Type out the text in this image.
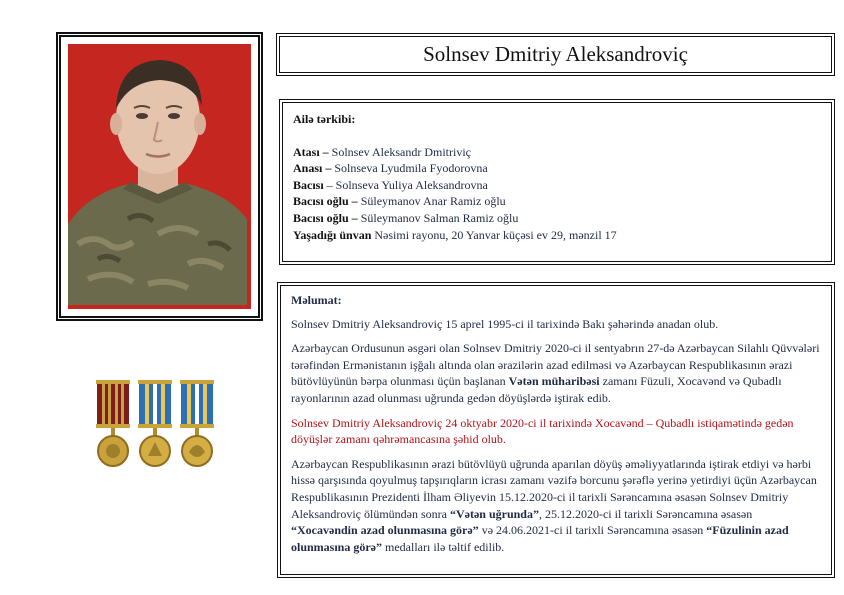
Solnsev Dmitriy Aleksandroviç
Ailə tərkibi:
Atası – Solnsev Aleksandr Dmitriviç
Anası – Solnseva Lyudmila Fyodorovna
Bacısı – Solnseva Yuliya Aleksandrovna
Bacısı oğlu – Süleymanov Anar Ramiz oğlu
Bacısı oğlu – Süleymanov Salman Ramiz oğlu
Yaşadığı ünvan Nəsimi rayonu, 20 Yanvar küçəsi ev 29, mənzil 17
Məlumat:

Solnsev Dmitriy Aleksandroviç 15 aprel 1995-ci il tarixində Bakı şəhərində anadan olub.

Azərbaycan Ordusunun əsgəri olan Solnsev Dmitriy 2020-ci il sentyabrın 27-də Azərbaycan Silahlı Qüvvələri tərəfindən Ermənistanın işğalı altında olan ərazilərin azad edilməsi və Azərbaycan Respublikasının ərazi bütövlüyünün bərpa olunması üçün başlanan Vətən müharibəsi zamanı Füzuli, Xocavənd və Qubadlı rayonlarının azad olunması uğrunda gedən döyüşlərdə iştirak edib.

Solnsev Dmitriy Aleksandroviç 24 oktyabr 2020-ci il tarixində Xocavənd – Qubadlı istiqamətində gedən döyüşlər zamanı qəhrəmancasına şəhid olub.

Azərbaycan Respublikasının ərazi bütövlüyü uğrunda aparılan döyüş əməliyyatlarında iştirak etdiyi və hərbi hissə qarşısında qoyulmuş tapşırıqların icrası zamanı vəzifə borcunu şərəflə yerinə yetirdiyi üçün Azərbaycan Respublikasının Prezidenti İlham Əliyevin 15.12.2020-ci il tarixli Sərəncamına əsasən Solnsev Dmitriy Aleksandroviç ölümündən sonra “Vətən uğrunda”, 25.12.2020-ci il tarixli Sərəncamına əsasən “Xocavəndin azad olunmasına görə” və 24.06.2021-ci il tarixli Sərəncamına əsasən “Füzulinin azad olunmasına görə” medalları ilə təltif edilib.
